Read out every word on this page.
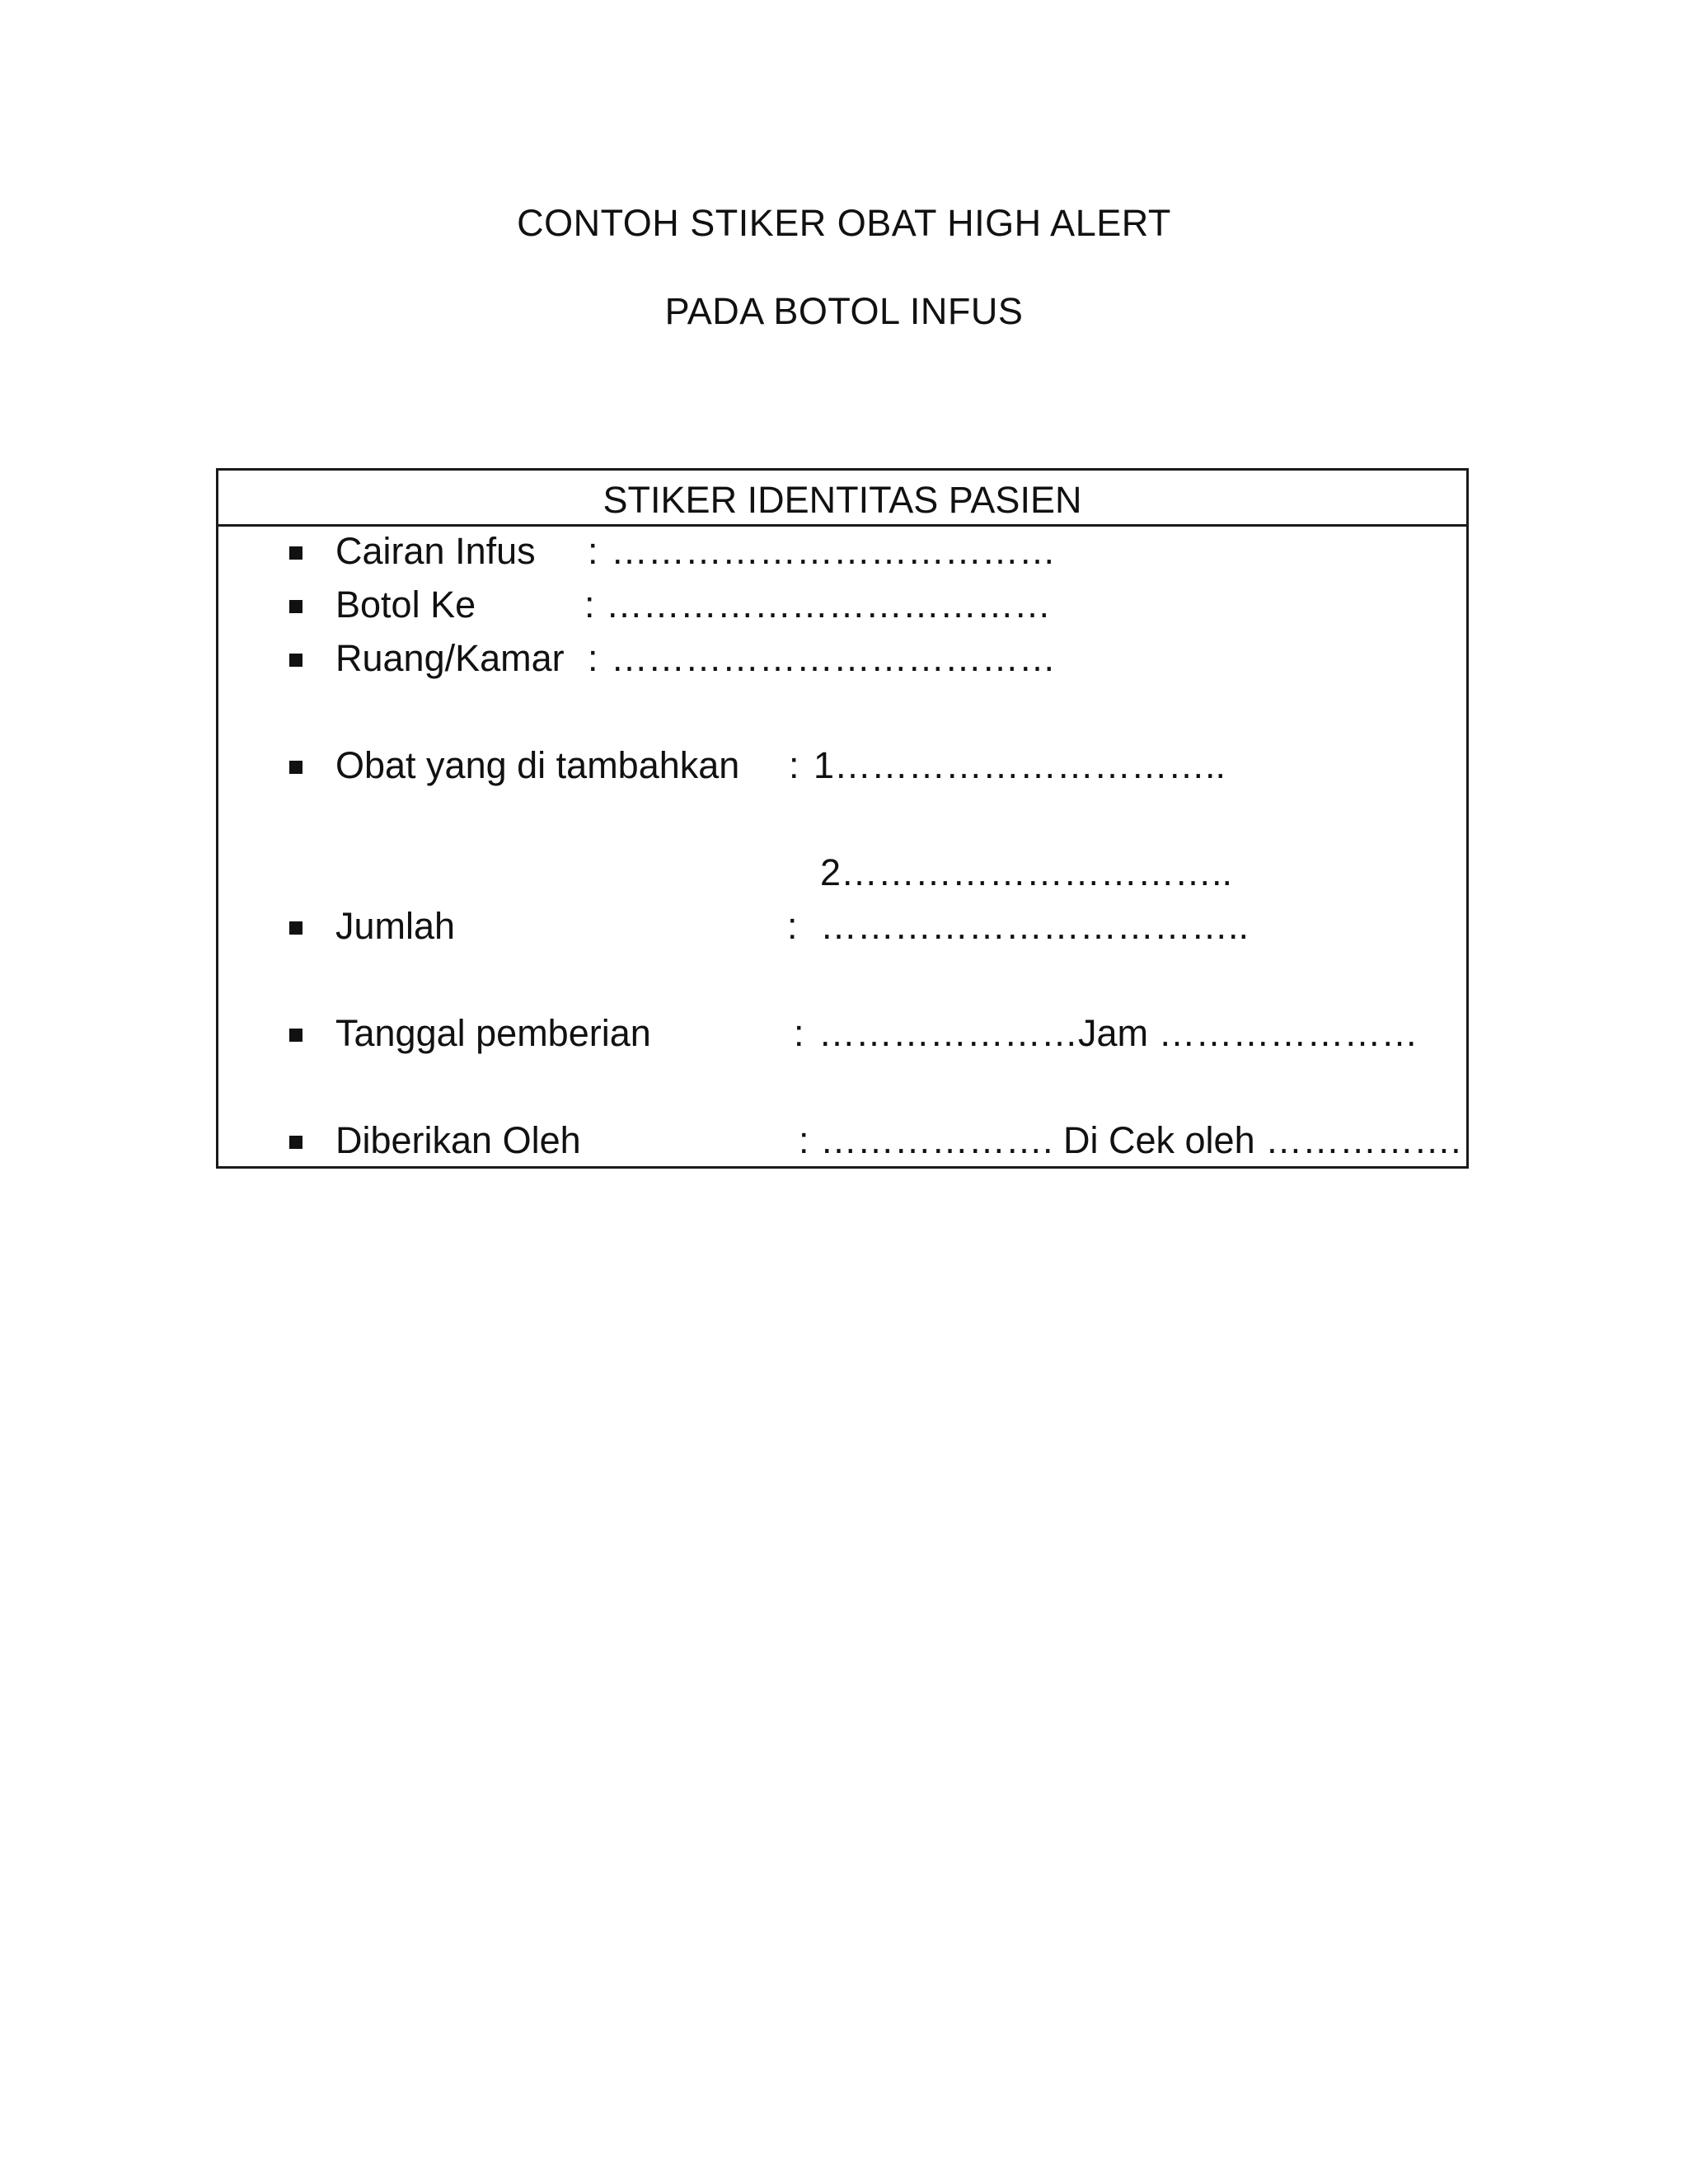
CONTOH STIKER OBAT HIGH ALERT
PADA BOTOL INFUS
STIKER IDENTITAS PASIEN
Cairan Infus : ………………………………
Botol Ke	: ………………………………
Ruang/Kamar : ………………………………
Obat yang di tambahkan : 1…………………………..
2…………………………..
Jumlah	: ……………………………..
Tanggal pemberian	: …………………Jam …………………
Diberikan Oleh	: ………………. Di Cek oleh …………….
